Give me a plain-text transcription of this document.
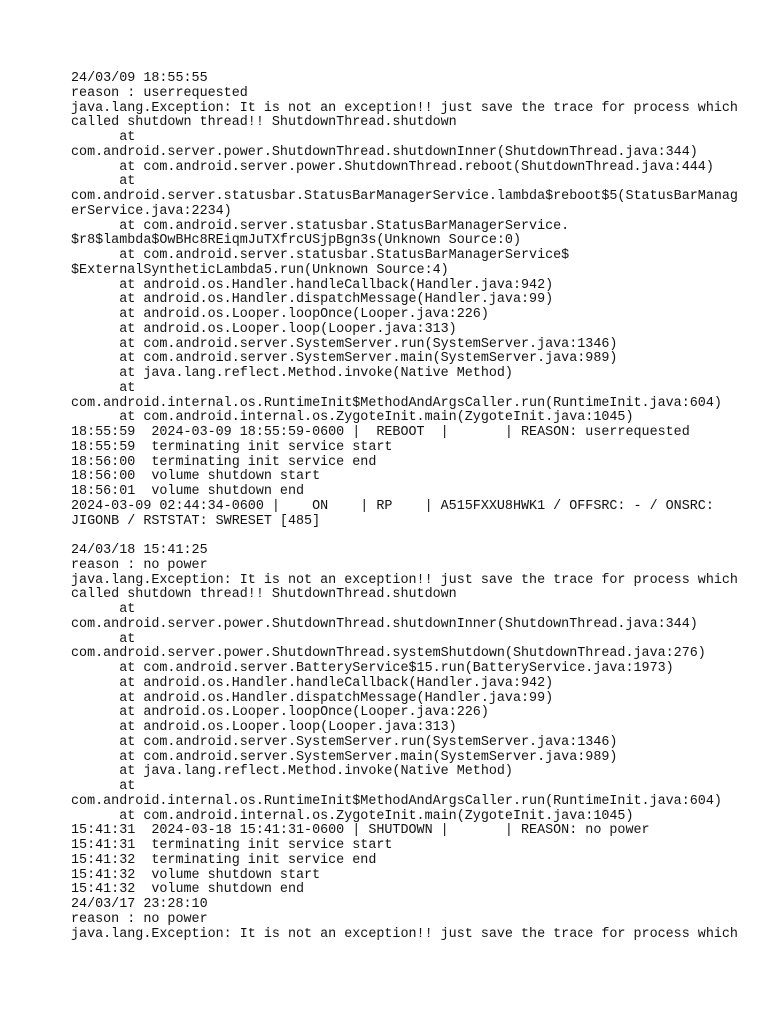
24/03/09 18:55:55
reason : userrequested
java.lang.Exception: It is not an exception!! just save the trace for process which
called shutdown thread!! ShutdownThread.shutdown
at
com.android.server.power.ShutdownThread.shutdownInner(ShutdownThread.java:344)
at com.android.server.power.ShutdownThread.reboot(ShutdownThread.java:444)
at
com.android.server.statusbar.StatusBarManagerService.lambda$reboot$5(StatusBarManag
erService.java:2234)
at com.android.server.statusbar.StatusBarManagerService.
$r8$lambda$OwBHc8REiqmJuTXfrcUSjpBgn3s(Unknown Source:0)
at com.android.server.statusbar.StatusBarManagerService$
$ExternalSyntheticLambda5.run(Unknown Source:4)
at android.os.Handler.handleCallback(Handler.java:942)
at android.os.Handler.dispatchMessage(Handler.java:99)
at android.os.Looper.loopOnce(Looper.java:226)
at android.os.Looper.loop(Looper.java:313)
at com.android.server.SystemServer.run(SystemServer.java:1346)
at com.android.server.SystemServer.main(SystemServer.java:989)
at java.lang.reflect.Method.invoke(Native Method)
at
com.android.internal.os.RuntimeInit$MethodAndArgsCaller.run(RuntimeInit.java:604)
at com.android.internal.os.ZygoteInit.main(ZygoteInit.java:1045)
18:55:59  2024-03-09 18:55:59-0600 |  REBOOT  |       | REASON: userrequested
18:55:59  terminating init service start
18:56:00  terminating init service end
18:56:00  volume shutdown start
18:56:01  volume shutdown end
2024-03-09 02:44:34-0600 |    ON    | RP    | A515FXXU8HWK1 / OFFSRC: - / ONSRC:
JIGONB / RSTSTAT: SWRESET [485]
24/03/18 15:41:25
reason : no power
java.lang.Exception: It is not an exception!! just save the trace for process which
called shutdown thread!! ShutdownThread.shutdown
at
com.android.server.power.ShutdownThread.shutdownInner(ShutdownThread.java:344)
at
com.android.server.power.ShutdownThread.systemShutdown(ShutdownThread.java:276)
at com.android.server.BatteryService$15.run(BatteryService.java:1973)
at android.os.Handler.handleCallback(Handler.java:942)
at android.os.Handler.dispatchMessage(Handler.java:99)
at android.os.Looper.loopOnce(Looper.java:226)
at android.os.Looper.loop(Looper.java:313)
at com.android.server.SystemServer.run(SystemServer.java:1346)
at com.android.server.SystemServer.main(SystemServer.java:989)
at java.lang.reflect.Method.invoke(Native Method)
at
com.android.internal.os.RuntimeInit$MethodAndArgsCaller.run(RuntimeInit.java:604)
at com.android.internal.os.ZygoteInit.main(ZygoteInit.java:1045)
15:41:31  2024-03-18 15:41:31-0600 | SHUTDOWN |       | REASON: no power
15:41:31  terminating init service start
15:41:32  terminating init service end
15:41:32  volume shutdown start
15:41:32  volume shutdown end
24/03/17 23:28:10
reason : no power
java.lang.Exception: It is not an exception!! just save the trace for process which
